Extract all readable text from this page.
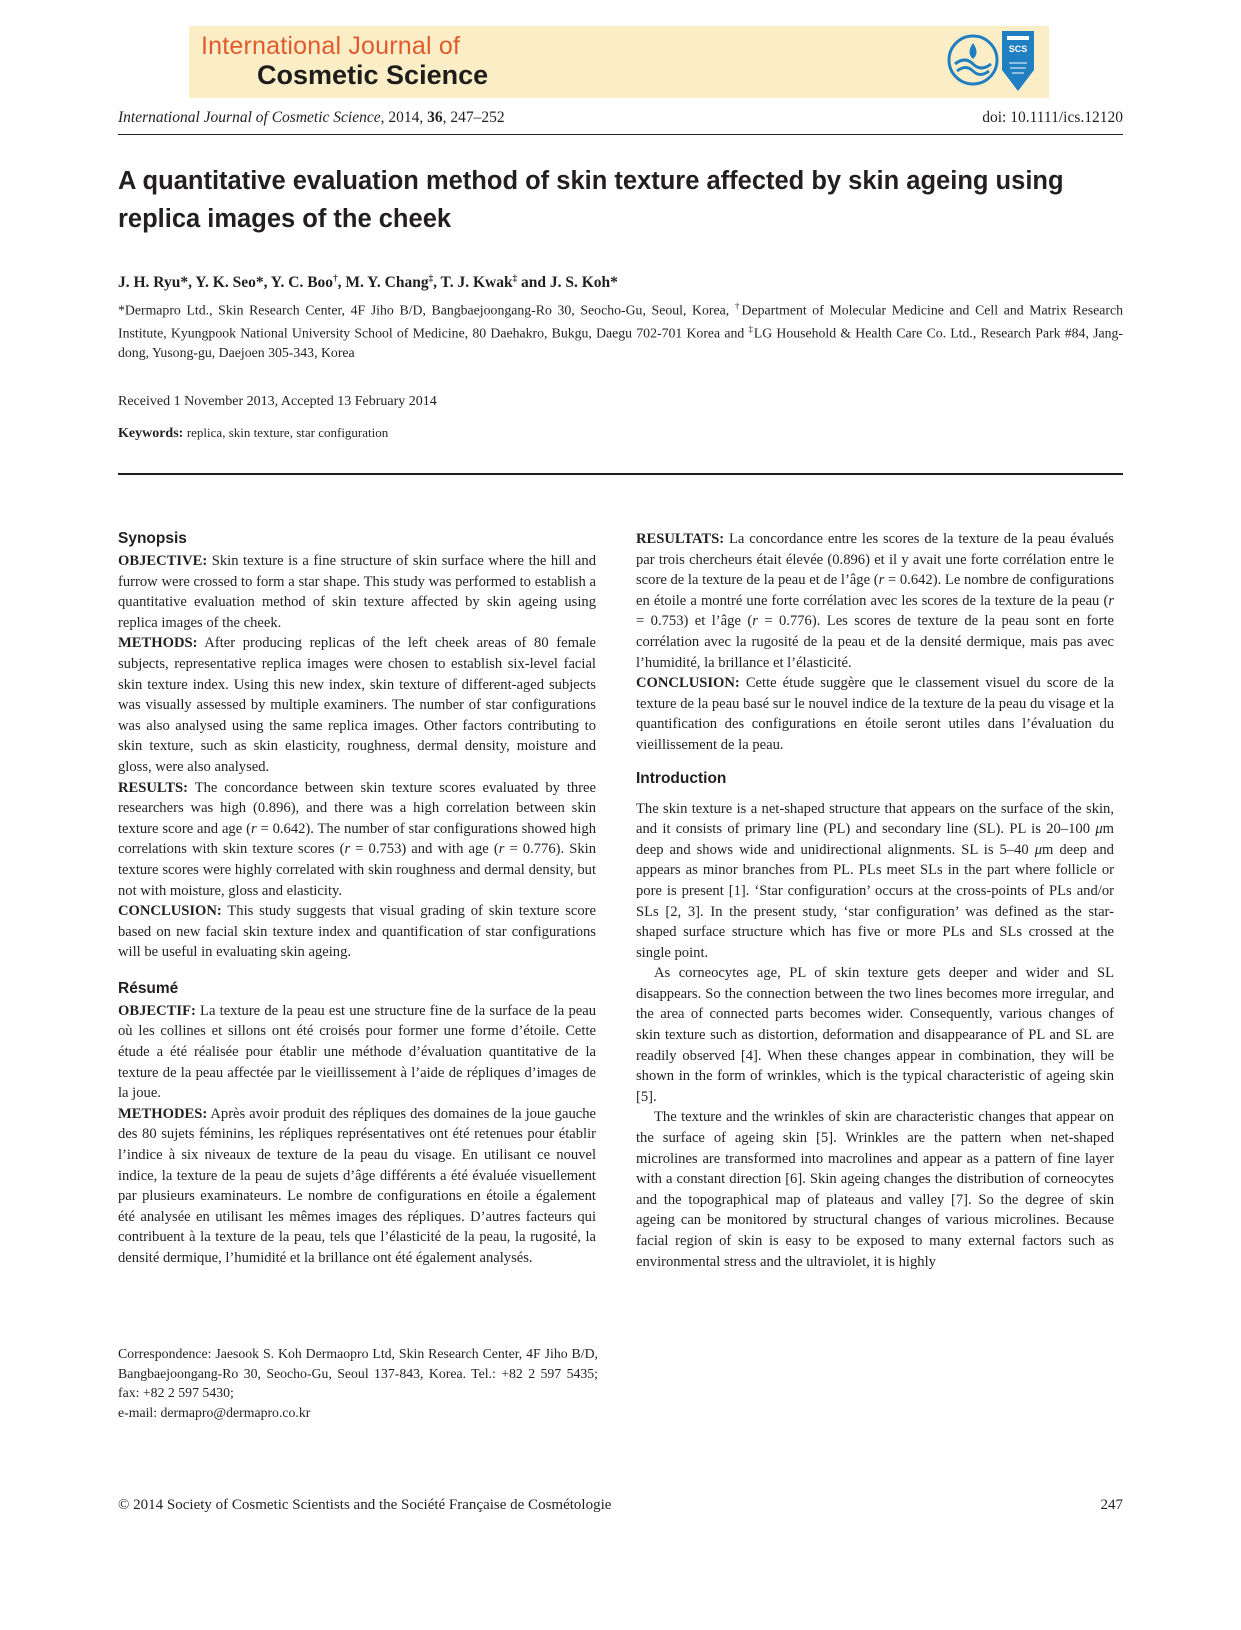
International Journal of
Cosmetic Science
SCS
International Journal of Cosmetic Science, 2014, 36, 247–252	doi: 10.1111/ics.12120
A quantitative evaluation method of skin texture affected by skin ageing using replica images of the cheek
J. H. Ryu*, Y. K. Seo*, Y. C. Boo†, M. Y. Chang‡, T. J. Kwak‡ and J. S. Koh*
*Dermapro Ltd., Skin Research Center, 4F Jiho B/D, Bangbaejoongang-Ro 30, Seocho-Gu, Seoul, Korea, †Department of Molecular Medicine and Cell and Matrix Research Institute, Kyungpook National University School of Medicine, 80 Daehakro, Bukgu, Daegu 702-701 Korea and ‡LG Household & Health Care Co. Ltd., Research Park #84, Jang-dong, Yusong-gu, Daejoen 305-343, Korea
Received 1 November 2013, Accepted 13 February 2014
Keywords: replica, skin texture, star configuration
Synopsis

OBJECTIVE: Skin texture is a fine structure of skin surface where the hill and furrow were crossed to form a star shape. This study was performed to establish a quantitative evaluation method of skin texture affected by skin ageing using replica images of the cheek.

METHODS: After producing replicas of the left cheek areas of 80 female subjects, representative replica images were chosen to establish six-level facial skin texture index. Using this new index, skin texture of different-aged subjects was visually assessed by multiple examiners. The number of star configurations was also analysed using the same replica images. Other factors contributing to skin texture, such as skin elasticity, roughness, dermal density, moisture and gloss, were also analysed.

RESULTS: The concordance between skin texture scores evaluated by three researchers was high (0.896), and there was a high correlation between skin texture score and age (r = 0.642). The number of star configurations showed high correlations with skin texture scores (r = 0.753) and with age (r = 0.776). Skin texture scores were highly correlated with skin roughness and dermal density, but not with moisture, gloss and elasticity.

CONCLUSION: This study suggests that visual grading of skin texture score based on new facial skin texture index and quantification of star configurations will be useful in evaluating skin ageing.

Résumé

OBJECTIF: La texture de la peau est une structure fine de la surface de la peau où les collines et sillons ont été croisés pour former une forme d’étoile. Cette étude a été réalisée pour établir une méthode d’évaluation quantitative de la texture de la peau affectée par le vieillissement à l’aide de répliques d’images de la joue.

METHODES: Après avoir produit des répliques des domaines de la joue gauche des 80 sujets féminins, les répliques représentatives ont été retenues pour établir l’indice à six niveaux de texture de la peau du visage. En utilisant ce nouvel indice, la texture de la peau de sujets d’âge différents a été évaluée visuellement par plusieurs examinateurs. Le nombre de configurations en étoile a également été analysée en utilisant les mêmes images des répliques. D’autres facteurs qui contribuent à la texture de la peau, tels que l’élasticité de la peau, la rugosité, la densité dermique, l’humidité et la brillance ont été également analysés.

RESULTATS: La concordance entre les scores de la texture de la peau évalués par trois chercheurs était élevée (0.896) et il y avait une forte corrélation entre le score de la texture de la peau et de l’âge (r = 0.642). Le nombre de configurations en étoile a montré une forte corrélation avec les scores de la texture de la peau (r = 0.753) et l’âge (r = 0.776). Les scores de texture de la peau sont en forte corrélation avec la rugosité de la peau et de la densité dermique, mais pas avec l’humidité, la brillance et l’élasticité.

CONCLUSION: Cette étude suggère que le classement visuel du score de la texture de la peau basé sur le nouvel indice de la texture de la peau du visage et la quantification des configurations en étoile seront utiles dans l’évaluation du vieillissement de la peau.

Introduction

The skin texture is a net-shaped structure that appears on the surface of the skin, and it consists of primary line (PL) and secondary line (SL). PL is 20–100 μm deep and shows wide and unidirectional alignments. SL is 5–40 μm deep and appears as minor branches from PL. PLs meet SLs in the part where follicle or pore is present [1]. ‘Star configuration’ occurs at the cross-points of PLs and/or SLs [2, 3]. In the present study, ‘star configuration’ was defined as the star-shaped surface structure which has five or more PLs and SLs crossed at the single point.

As corneocytes age, PL of skin texture gets deeper and wider and SL disappears. So the connection between the two lines becomes more irregular, and the area of connected parts becomes wider. Consequently, various changes of skin texture such as distortion, deformation and disappearance of PL and SL are readily observed [4]. When these changes appear in combination, they will be shown in the form of wrinkles, which is the typical characteristic of ageing skin [5].

The texture and the wrinkles of skin are characteristic changes that appear on the surface of ageing skin [5]. Wrinkles are the pattern when net-shaped microlines are transformed into macrolines and appear as a pattern of fine layer with a constant direction [6]. Skin ageing changes the distribution of corneocytes and the topographical map of plateaus and valley [7]. So the degree of skin ageing can be monitored by structural changes of various microlines. Because facial region of skin is easy to be exposed to many external factors such as environmental stress and the ultraviolet, it is highly

Correspondence: Jaesook S. Koh Dermaopro Ltd, Skin Research Center, 4F Jiho B/D, Bangbaejoongang-Ro 30, Seocho-Gu, Seoul 137-843, Korea. Tel.: +82 2 597 5435; fax: +82 2 597 5430;
e-mail: dermapro@dermapro.co.kr
© 2014 Society of Cosmetic Scientists and the Société Française de Cosmétologie	247
